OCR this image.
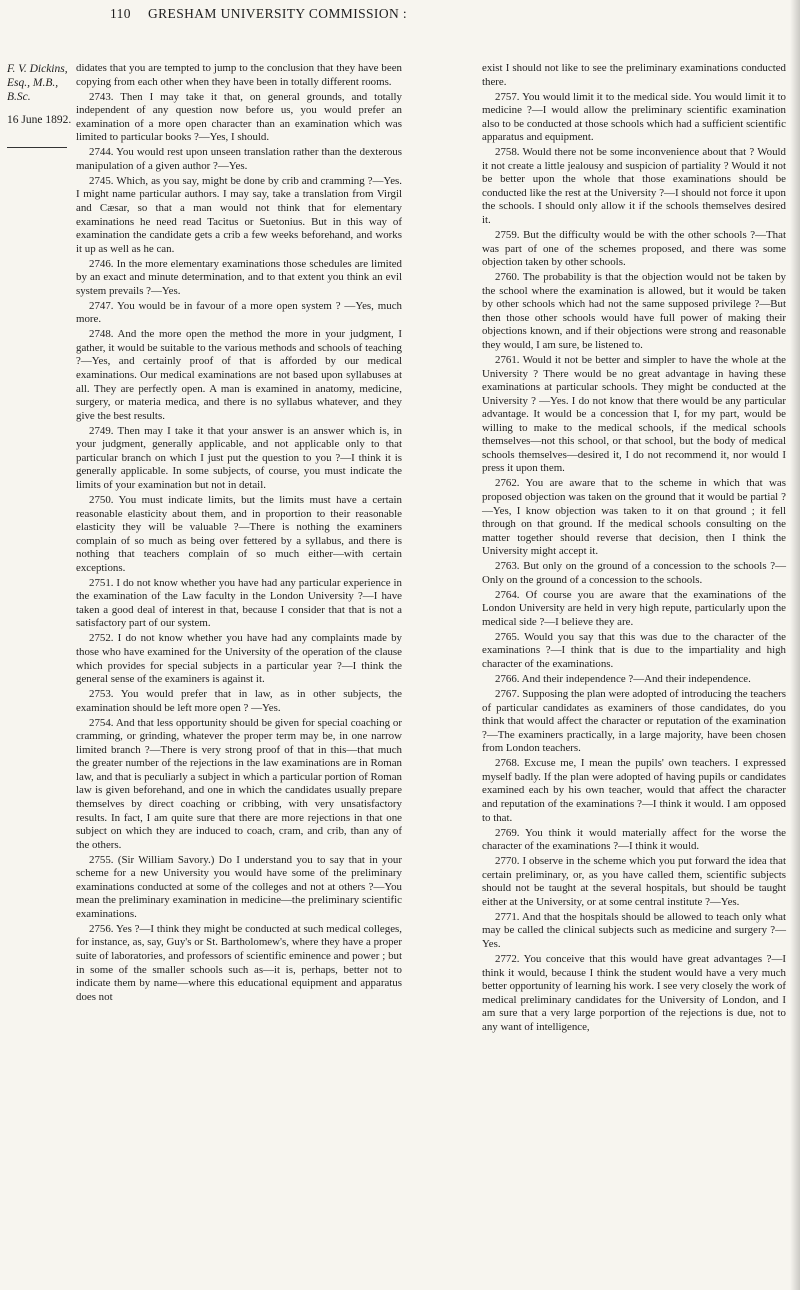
110 GRESHAM UNIVERSITY COMMISSION :
F. V. Dickins,
Esq., M.B.,
B.Sc.
16 June 1892.

didates that you are tempted to jump to the conclusion that they have been copying from each other when they have been in totally different rooms.

2743. Then I may take it that, on general grounds, and totally independent of any question now before us, you would prefer an examination of a more open character than an examination which was limited to particular books ?—Yes, I should.

2744. You would rest upon unseen translation rather than the dexterous manipulation of a given author ?—Yes.

2745. Which, as you say, might be done by crib and cramming ?—Yes. I might name particular authors. I may say, take a translation from Virgil and Cæsar, so that a man would not think that for elementary examinations he need read Tacitus or Suetonius. But in this way of examination the candidate gets a crib a few weeks beforehand, and works it up as well as he can.

2746. In the more elementary examinations those schedules are limited by an exact and minute determination, and to that extent you think an evil system prevails ?—Yes.

2747. You would be in favour of a more open system ? —Yes, much more.

2748. And the more open the method the more in your judgment, I gather, it would be suitable to the various methods and schools of teaching ?—Yes, and certainly proof of that is afforded by our medical examinations. Our medical examinations are not based upon syllabuses at all. They are perfectly open. A man is examined in anatomy, medicine, surgery, or materia medica, and there is no syllabus whatever, and they give the best results.

2749. Then may I take it that your answer is an answer which is, in your judgment, generally applicable, and not applicable only to that particular branch on which I just put the question to you ?—I think it is generally applicable. In some subjects, of course, you must indicate the limits of your examination but not in detail.

2750. You must indicate limits, but the limits must have a certain reasonable elasticity about them, and in proportion to their reasonable elasticity they will be valuable ?—There is nothing the examiners complain of so much as being over fettered by a syllabus, and there is nothing that teachers complain of so much either—with certain exceptions.

2751. I do not know whether you have had any particular experience in the examination of the Law faculty in the London University ?—I have taken a good deal of interest in that, because I consider that that is not a satisfactory part of our system.

2752. I do not know whether you have had any complaints made by those who have examined for the University of the operation of the clause which provides for special subjects in a particular year ?—I think the general sense of the examiners is against it.

2753. You would prefer that in law, as in other subjects, the examination should be left more open ? —Yes.

2754. And that less opportunity should be given for special coaching or cramming, or grinding, whatever the proper term may be, in one narrow limited branch ?—There is very strong proof of that in this—that much the greater number of the rejections in the law examinations are in Roman law, and that is peculiarly a subject in which a particular portion of Roman law is given beforehand, and one in which the candidates usually prepare themselves by direct coaching or cribbing, with very unsatisfactory results. In fact, I am quite sure that there are more rejections in that one subject on which they are induced to coach, cram, and crib, than any of the others.

2755. (Sir William Savory.) Do I understand you to say that in your scheme for a new University you would have some of the preliminary examinations conducted at some of the colleges and not at others ?—You mean the preliminary examination in medicine—the preliminary scientific examinations.

2756. Yes ?—I think they might be conducted at such medical colleges, for instance, as, say, Guy's or St. Bartholomew's, where they have a proper suite of laboratories, and professors of scientific eminence and power ; but in some of the smaller schools such as—it is, perhaps, better not to indicate them by name—where this educational equipment and apparatus does not

exist I should not like to see the preliminary examinations conducted there.

2757. You would limit it to the medical side. You would limit it to medicine ?—I would allow the preliminary scientific examination also to be conducted at those schools which had a sufficient scientific apparatus and equipment.

2758. Would there not be some inconvenience about that ? Would it not create a little jealousy and suspicion of partiality ? Would it not be better upon the whole that those examinations should be conducted like the rest at the University ?—I should not force it upon the schools. I should only allow it if the schools themselves desired it.

2759. But the difficulty would be with the other schools ?—That was part of one of the schemes proposed, and there was some objection taken by other schools.

2760. The probability is that the objection would not be taken by the school where the examination is allowed, but it would be taken by other schools which had not the same supposed privilege ?—But then those other schools would have full power of making their objections known, and if their objections were strong and reasonable they would, I am sure, be listened to.

2761. Would it not be better and simpler to have the whole at the University ? There would be no great advantage in having these examinations at particular schools. They might be conducted at the University ? —Yes. I do not know that there would be any particular advantage. It would be a concession that I, for my part, would be willing to make to the medical schools, if the medical schools themselves—not this school, or that school, but the body of medical schools themselves—desired it, I do not recommend it, nor would I press it upon them.

2762. You are aware that to the scheme in which that was proposed objection was taken on the ground that it would be partial ?—Yes, I know objection was taken to it on that ground ; it fell through on that ground. If the medical schools consulting on the matter together should reverse that decision, then I think the University might accept it.

2763. But only on the ground of a concession to the schools ?—Only on the ground of a concession to the schools.

2764. Of course you are aware that the examinations of the London University are held in very high repute, particularly upon the medical side ?—I believe they are.

2765. Would you say that this was due to the character of the examinations ?—I think that is due to the impartiality and high character of the examinations.

2766. And their independence ?—And their independence.

2767. Supposing the plan were adopted of introducing the teachers of particular candidates as examiners of those candidates, do you think that would affect the character or reputation of the examination ?—The examiners practically, in a large majority, have been chosen from London teachers.

2768. Excuse me, I mean the pupils' own teachers. I expressed myself badly. If the plan were adopted of having pupils or candidates examined each by his own teacher, would that affect the character and reputation of the examinations ?—I think it would. I am opposed to that.

2769. You think it would materially affect for the worse the character of the examinations ?—I think it would.

2770. I observe in the scheme which you put forward the idea that certain preliminary, or, as you have called them, scientific subjects should not be taught at the several hospitals, but should be taught either at the University, or at some central institute ?—Yes.

2771. And that the hospitals should be allowed to teach only what may be called the clinical subjects such as medicine and surgery ?—Yes.

2772. You conceive that this would have great advantages ?—I think it would, because I think the student would have a very much better opportunity of learning his work. I see very closely the work of medical preliminary candidates for the University of London, and I am sure that a very large porportion of the rejections is due, not to any want of intelligence,
